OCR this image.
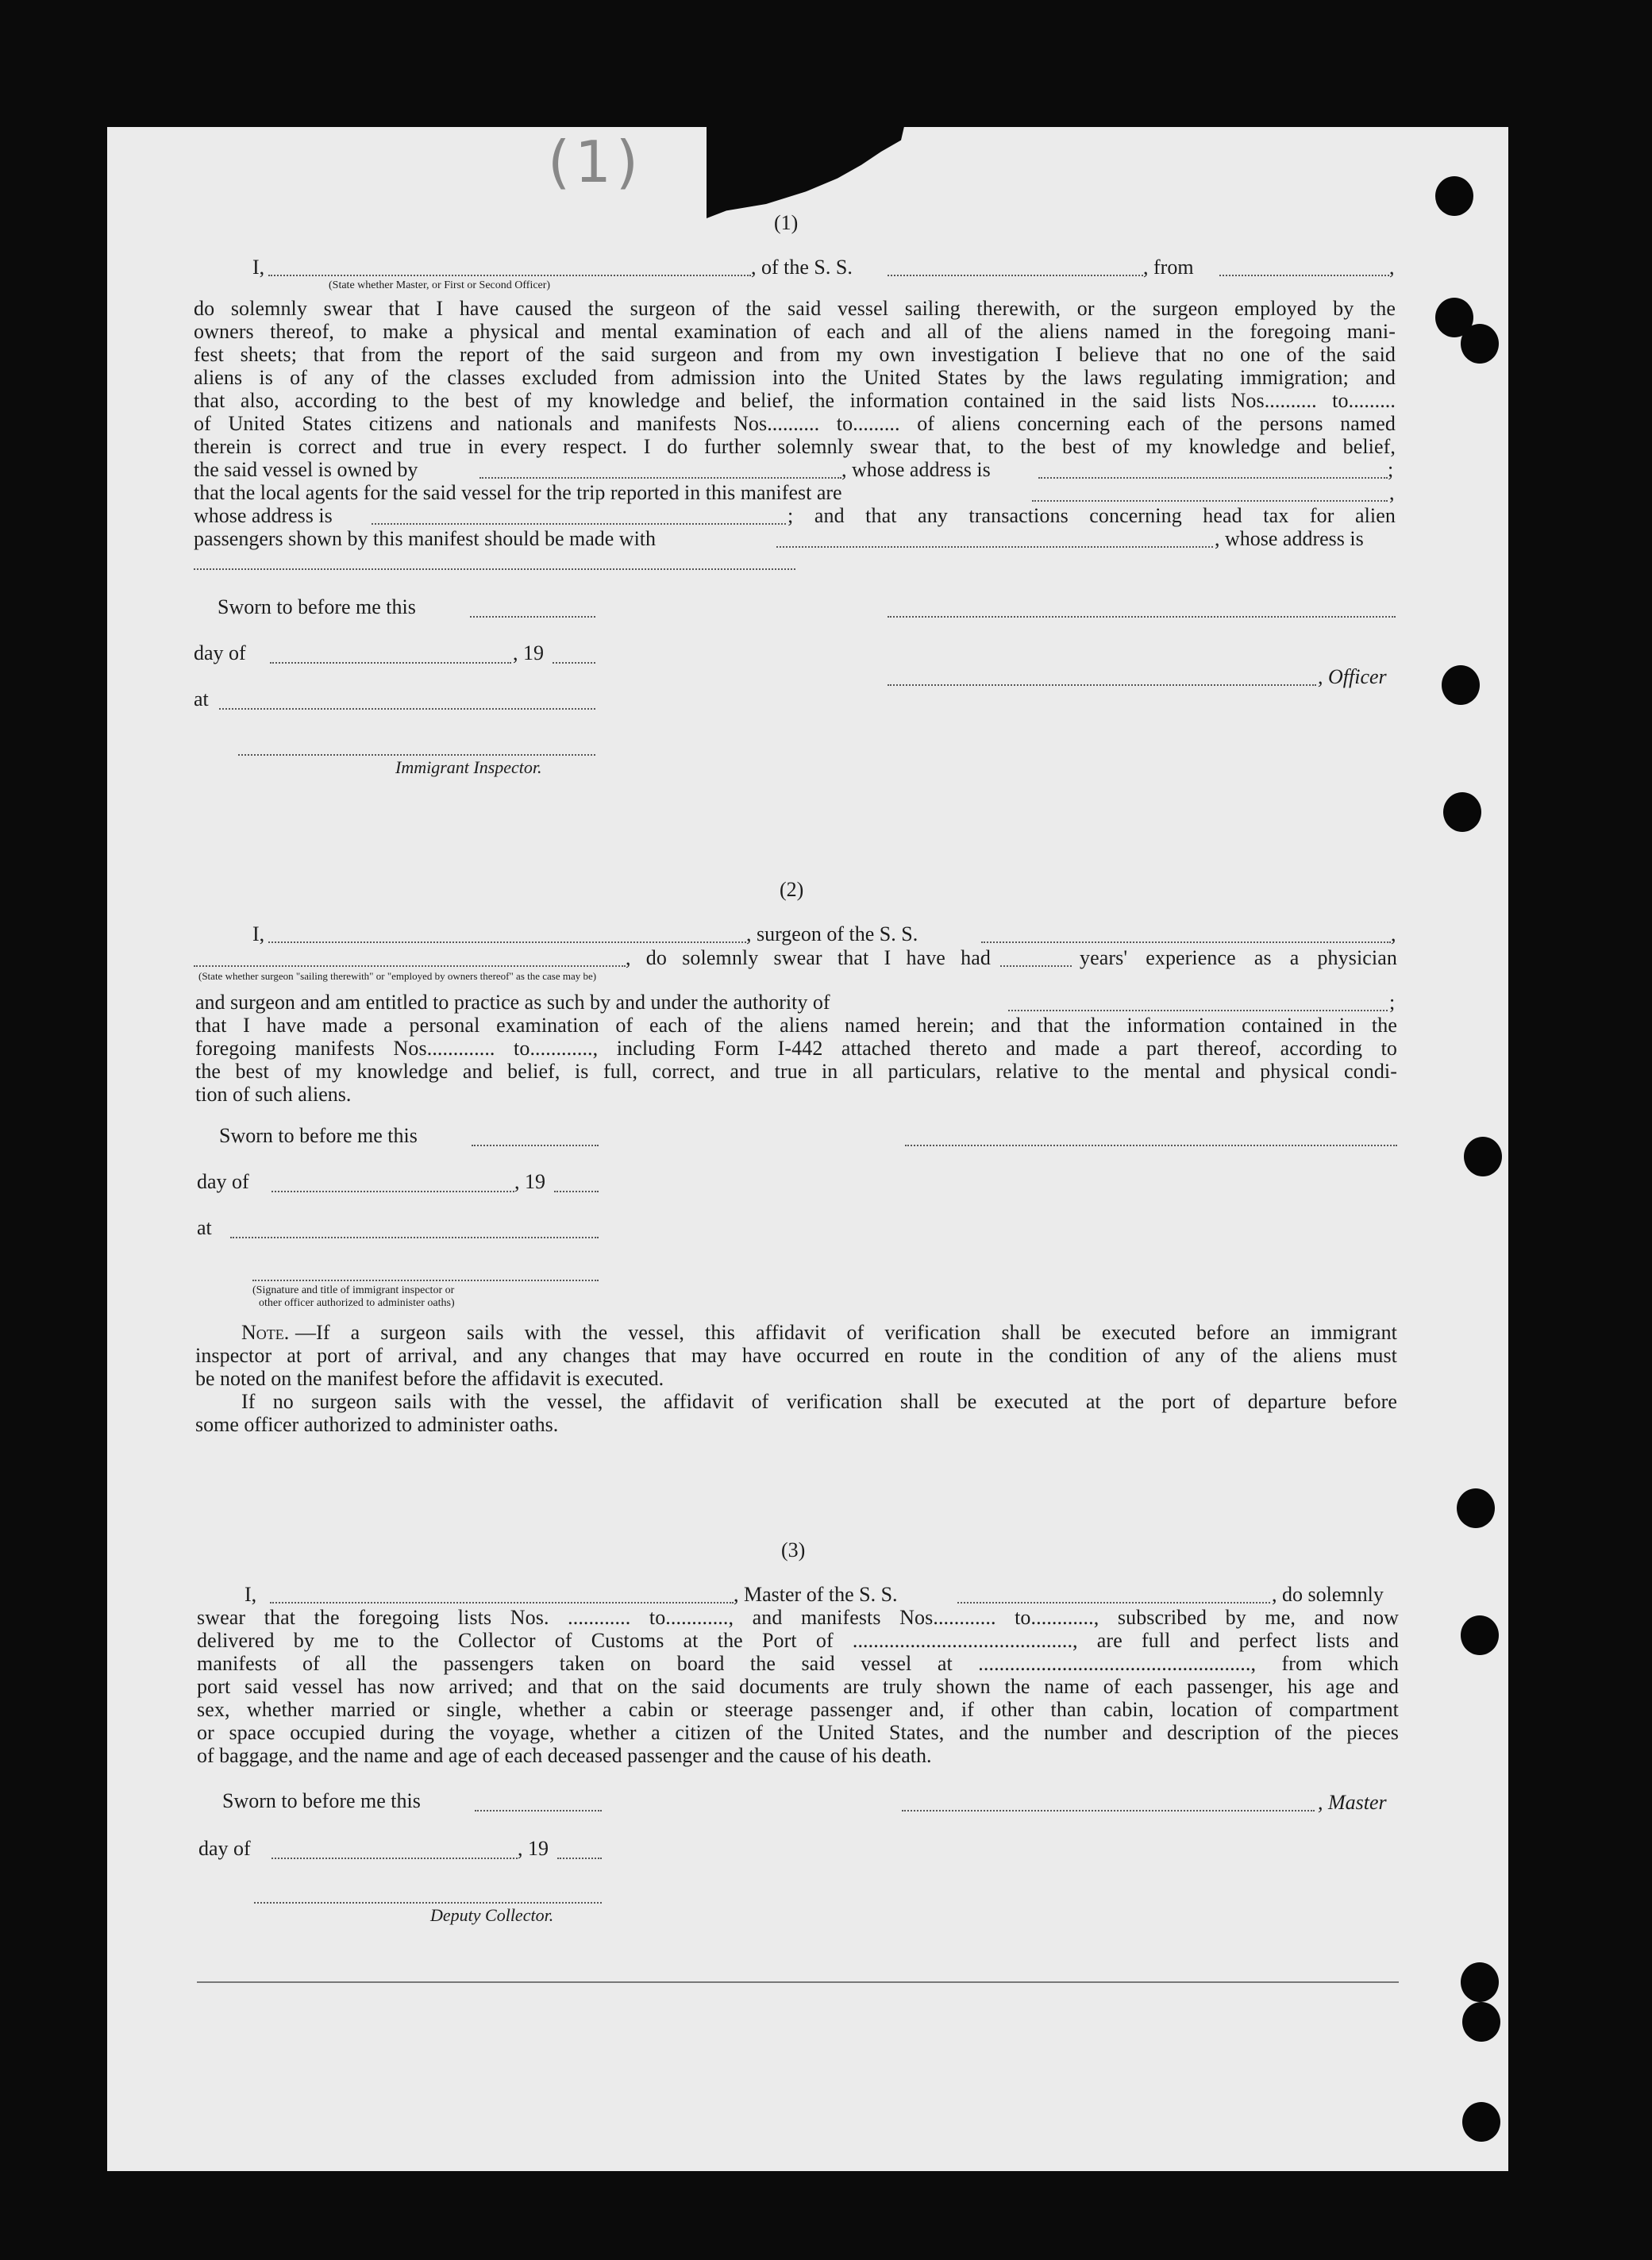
(1)
(1)
I,	, of the S. S.	, from	,
(State whether Master, or First or Second Officer)
do solemnly swear that I have caused the surgeon of the said vessel sailing therewith, or the surgeon employed by the
owners thereof, to make a physical and mental examination of each and all of the aliens named in the foregoing mani-
fest sheets; that from the report of the said surgeon and from my own investigation I believe that no one of the said
aliens is of any of the classes excluded from admission into the United States by the laws regulating immigration; and
that also, according to the best of my knowledge and belief, the information contained in the said lists Nos.......... to.........
of United States citizens and nationals and manifests Nos.......... to......... of aliens concerning each of the persons named
therein is correct and true in every respect. I do further solemnly swear that, to the best of my knowledge and belief,
the said vessel is owned by	, whose address is	;
that the local agents for the said vessel for the trip reported in this manifest are	,
whose address is	; and that any transactions concerning head tax for alien
passengers shown by this manifest should be made with	, whose address is
Sworn to before me this
day of	, 19
, Officer
at
Immigrant Inspector.
(2)
I,	, surgeon of the S. S.	,
, do solemnly swear that I have had	years' experience as a physician
(State whether surgeon "sailing therewith" or "employed by owners thereof" as the case may be)
and surgeon and am entitled to practice as such by and under the authority of	;
that I have made a personal examination of each of the aliens named herein; and that the information contained in the
foregoing manifests Nos............. to............, including Form I-442 attached thereto and made a part thereof, according to
the best of my knowledge and belief, is full, correct, and true in all particulars, relative to the mental and physical condi-
tion of such aliens.
Sworn to before me this
day of	, 19
at
(Signature and title of immigrant inspector or
other officer authorized to administer oaths)
Note. —If a surgeon sails with the vessel, this affidavit of verification shall be executed before an immigrant
inspector at port of arrival, and any changes that may have occurred en route in the condition of any of the aliens must
be noted on the manifest before the affidavit is executed.
If no surgeon sails with the vessel, the affidavit of verification shall be executed at the port of departure before
some officer authorized to administer oaths.
(3)
I,	, Master of the S. S.	, do solemnly
swear that the foregoing lists Nos. ............ to............, and manifests Nos............ to............, subscribed by me, and now
delivered by me to the Collector of Customs at the Port of .........................................., are full and perfect lists and
manifests of all the passengers taken on board the said vessel at ...................................................., from which
port said vessel has now arrived; and that on the said documents are truly shown the name of each passenger, his age and
sex, whether married or single, whether a cabin or steerage passenger and, if other than cabin, location of compartment
or space occupied during the voyage, whether a citizen of the United States, and the number and description of the pieces
of baggage, and the name and age of each deceased passenger and the cause of his death.
Sworn to before me this	, Master
day of	, 19
Deputy Collector.
